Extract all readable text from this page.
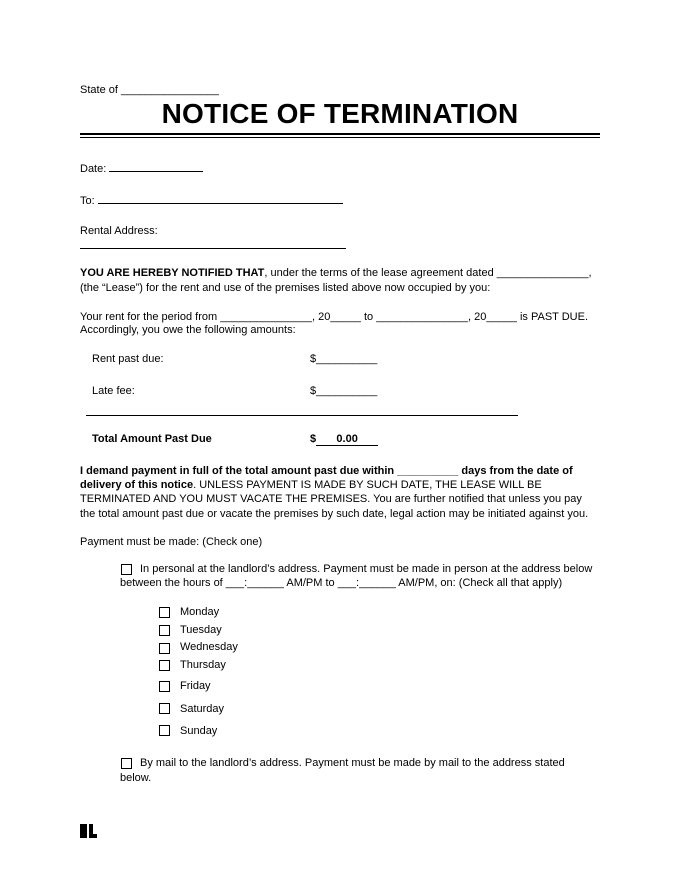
State of ________________
NOTICE OF TERMINATION
Date:
To:
Rental Address:
YOU ARE HEREBY NOTIFIED THAT, under the terms of the lease agreement dated _______________,
(the “Lease”) for the rent and use of the premises listed above now occupied by you:
Your rent for the period from _______________, 20_____ to _______________, 20_____ is PAST DUE.
Accordingly, you owe the following amounts:
Rent past due:	$__________
Late fee:	$__________
Total Amount Past Due	$ 0.00
I demand payment in full of the total amount past due within __________ days from the date of
delivery of this notice. UNLESS PAYMENT IS MADE BY SUCH DATE, THE LEASE WILL BE
TERMINATED AND YOU MUST VACATE THE PREMISES. You are further notified that unless you pay
the total amount past due or vacate the premises by such date, legal action may be initiated against you.
Payment must be made: (Check one)
In personal at the landlord’s address. Payment must be made in person at the address below
between the hours of ___:______ AM/PM to ___:______ AM/PM, on: (Check all that apply)
Monday
Tuesday
Wednesday
Thursday
Friday
Saturday
Sunday
By mail to the landlord’s address. Payment must be made by mail to the address stated
below.
